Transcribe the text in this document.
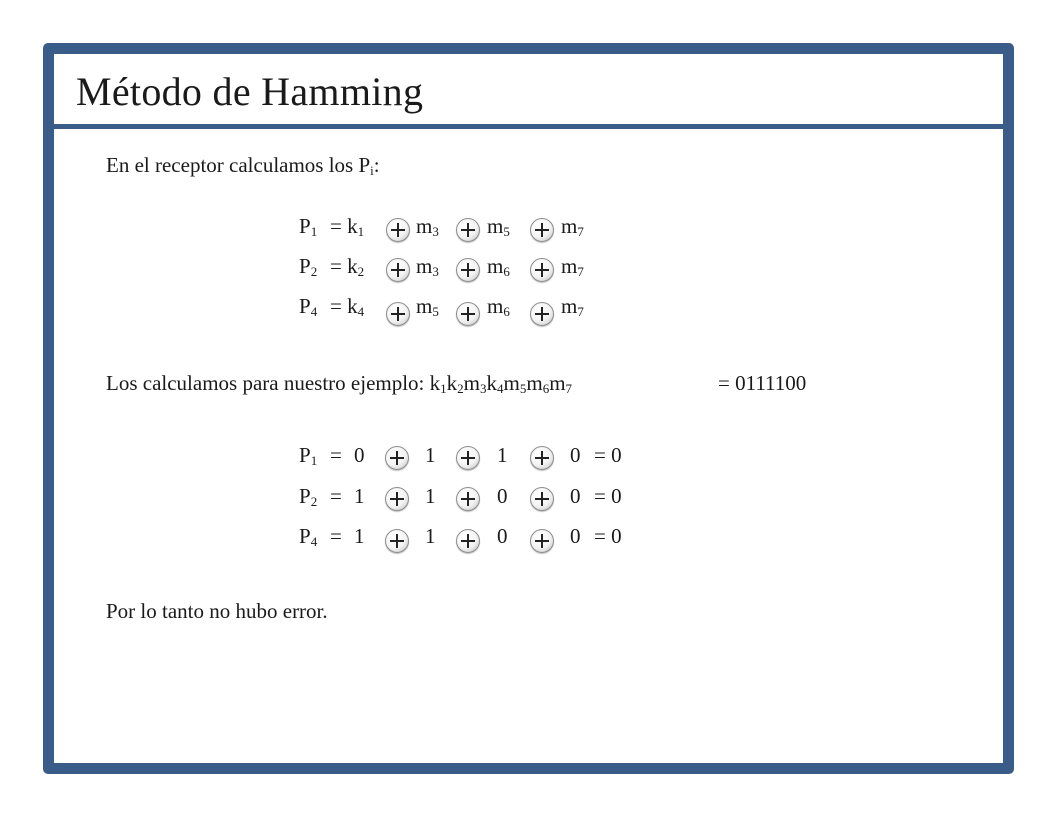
Método de Hamming
En el receptor calculamos los $P_i$:
$P_1 = k_1$ $m_3$ $m_5$ $m_7$
$P_2 = k_2$ $m_3$ $m_6$ $m_7$
$P_4 = k_4$ $m_5$ $m_6$ $m_7$
Los calculamos para nuestro ejemplo: $k_1k_2m_3k_4m_5m_6m_7$	= 0111100
$P_1 = 0$	1	1	0 = 0
$P_2 = 1$	1	0	0 = 0
$P_4 = 1$	1	0	0 = 0
Por lo tanto no hubo error.
